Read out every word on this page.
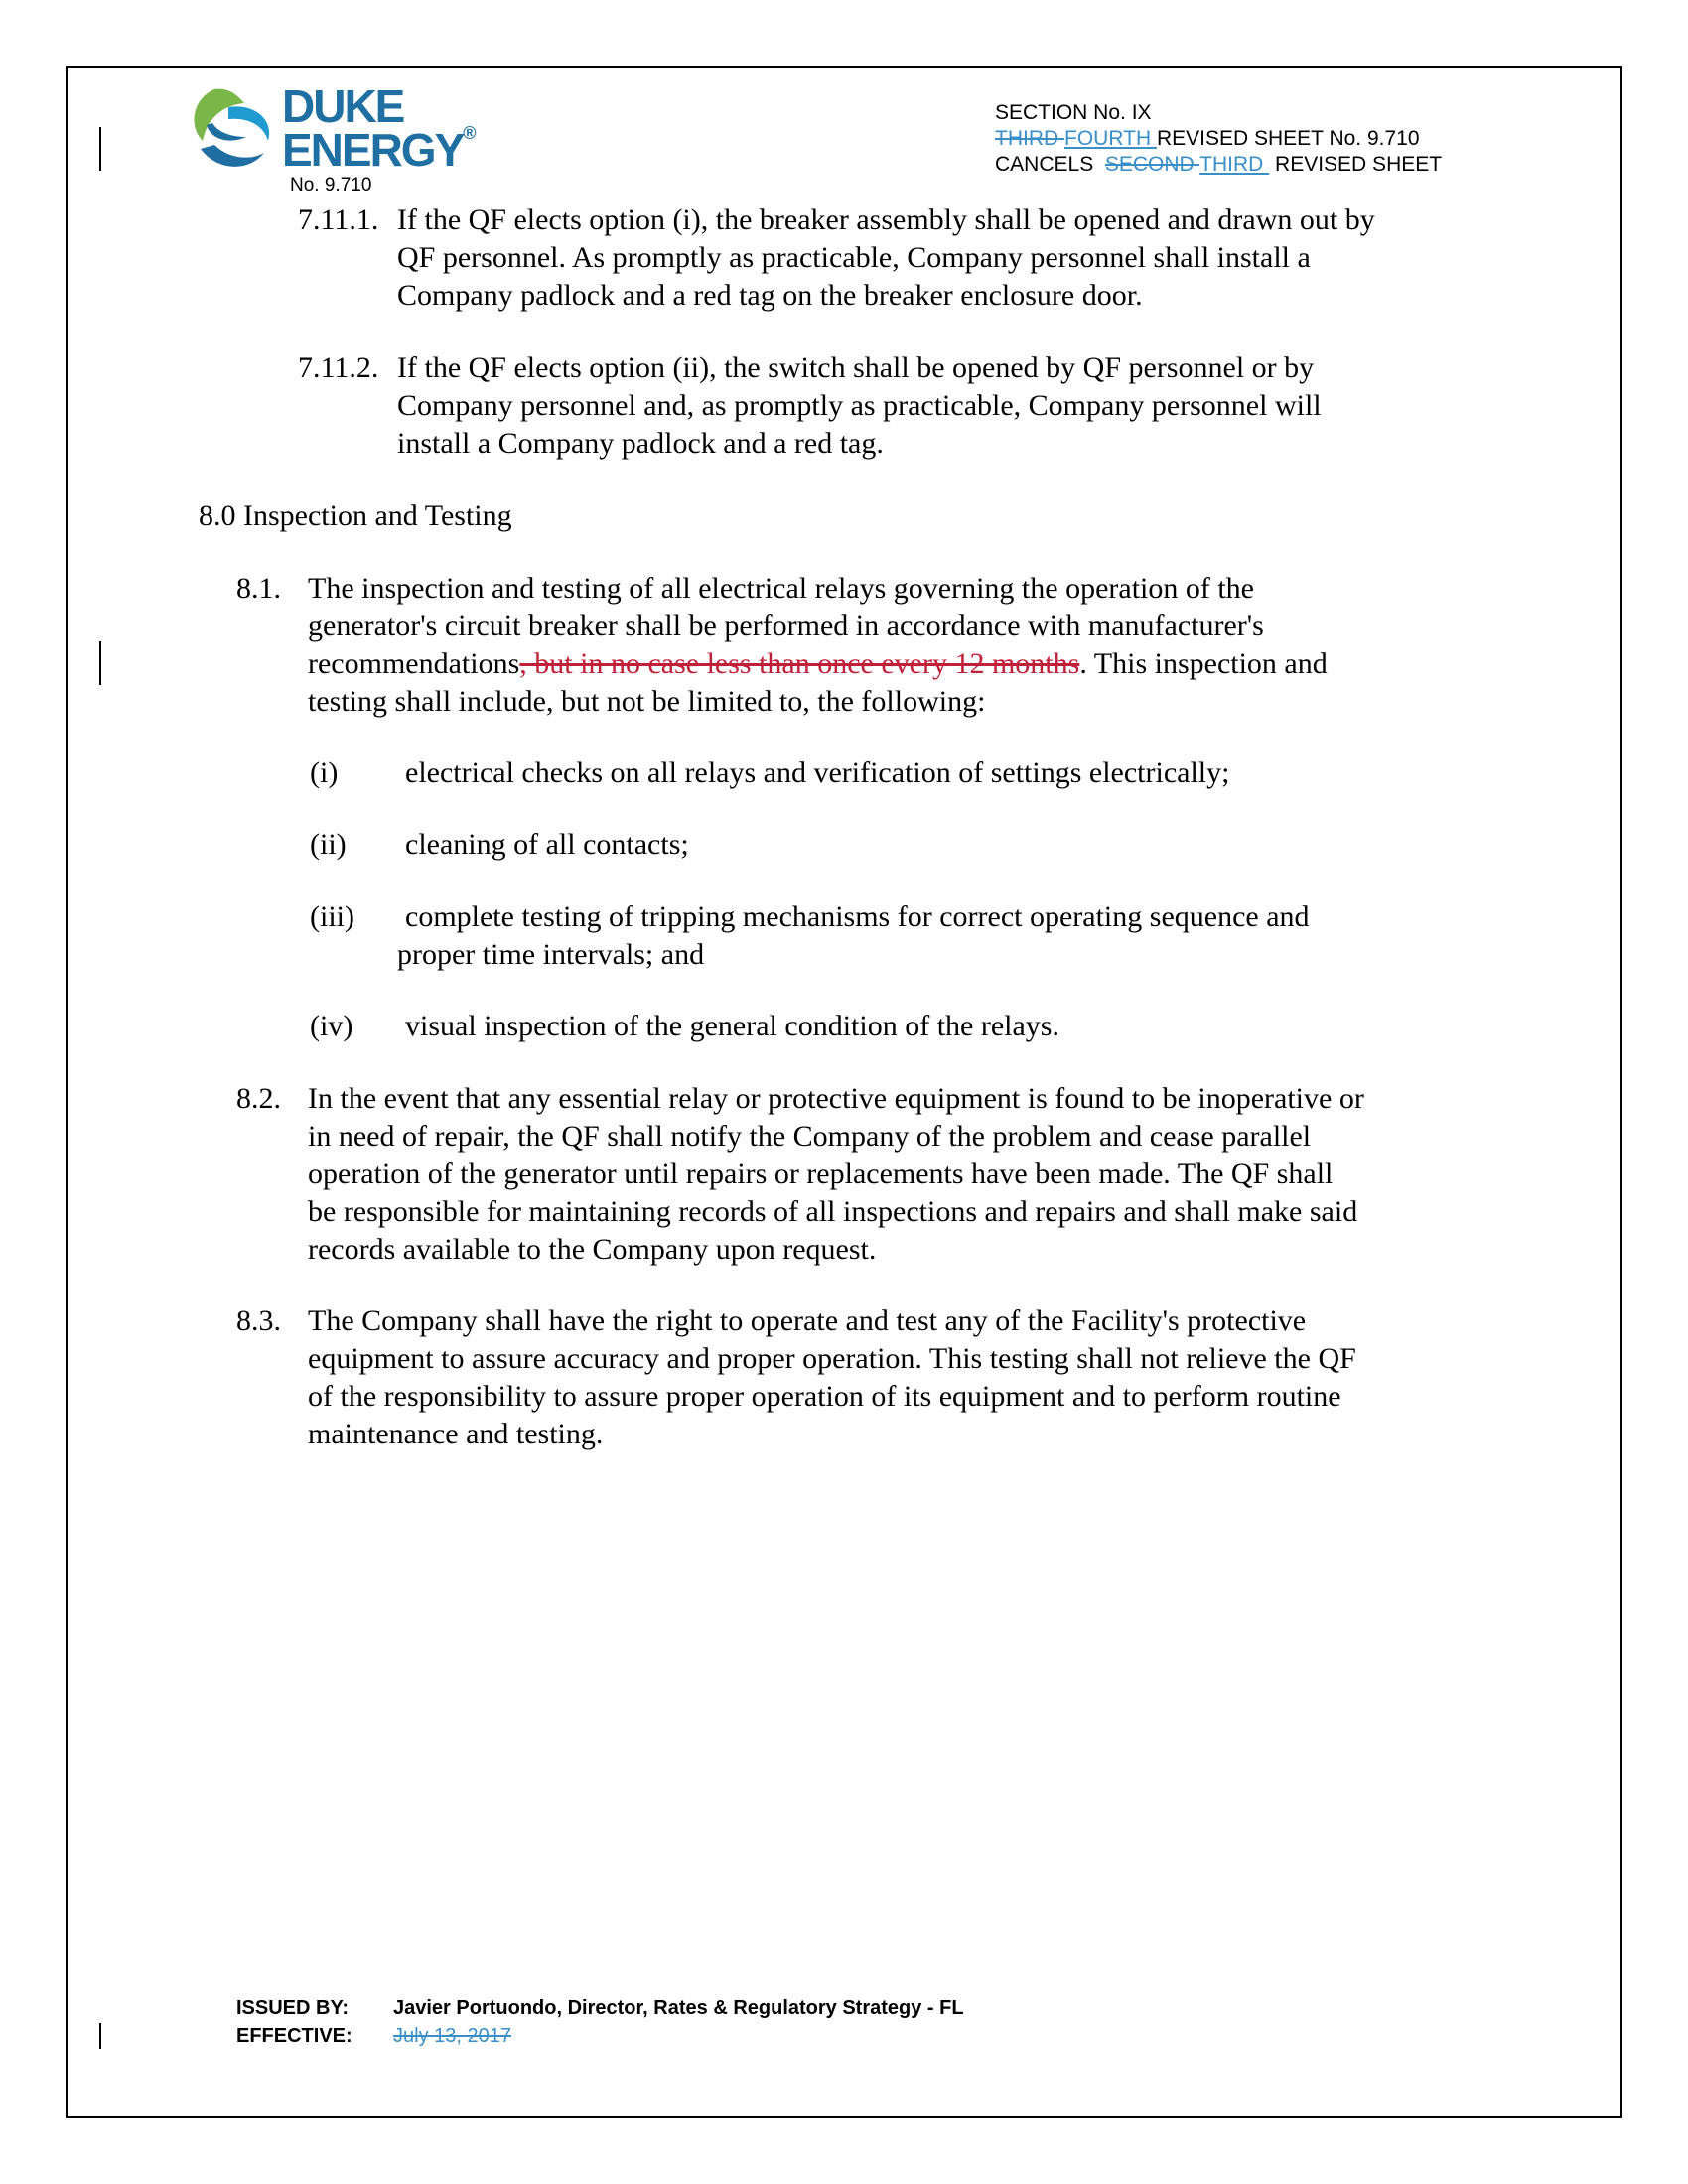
DUKE
ENERGY®
No. 9.710
SECTION No. IX
THIRD FOURTH REVISED SHEET No. 9.710
CANCELS SECOND THIRD  REVISED SHEET
7.11.1. If the QF elects option (i), the breaker assembly shall be opened and drawn out by
QF personnel. As promptly as practicable, Company personnel shall install a
Company padlock and a red tag on the breaker enclosure door.
7.11.2. If the QF elects option (ii), the switch shall be opened by QF personnel or by
Company personnel and, as promptly as practicable, Company personnel will
install a Company padlock and a red tag.
8.0 Inspection and Testing
8.1. The inspection and testing of all electrical relays governing the operation of the
generator's circuit breaker shall be performed in accordance with manufacturer's
recommendations, but in no case less than once every 12 months. This inspection and
testing shall include, but not be limited to, the following:
(i) electrical checks on all relays and verification of settings electrically;
(ii) cleaning of all contacts;
(iii) complete testing of tripping mechanisms for correct operating sequence and
proper time intervals; and
(iv) visual inspection of the general condition of the relays.
8.2. In the event that any essential relay or protective equipment is found to be inoperative or
in need of repair, the QF shall notify the Company of the problem and cease parallel
operation of the generator until repairs or replacements have been made. The QF shall
be responsible for maintaining records of all inspections and repairs and shall make said
records available to the Company upon request.
8.3. The Company shall have the right to operate and test any of the Facility's protective
equipment to assure accuracy and proper operation. This testing shall not relieve the QF
of the responsibility to assure proper operation of its equipment and to perform routine
maintenance and testing.
ISSUED BY: Javier Portuondo, Director, Rates & Regulatory Strategy - FL
EFFECTIVE: July 13, 2017
